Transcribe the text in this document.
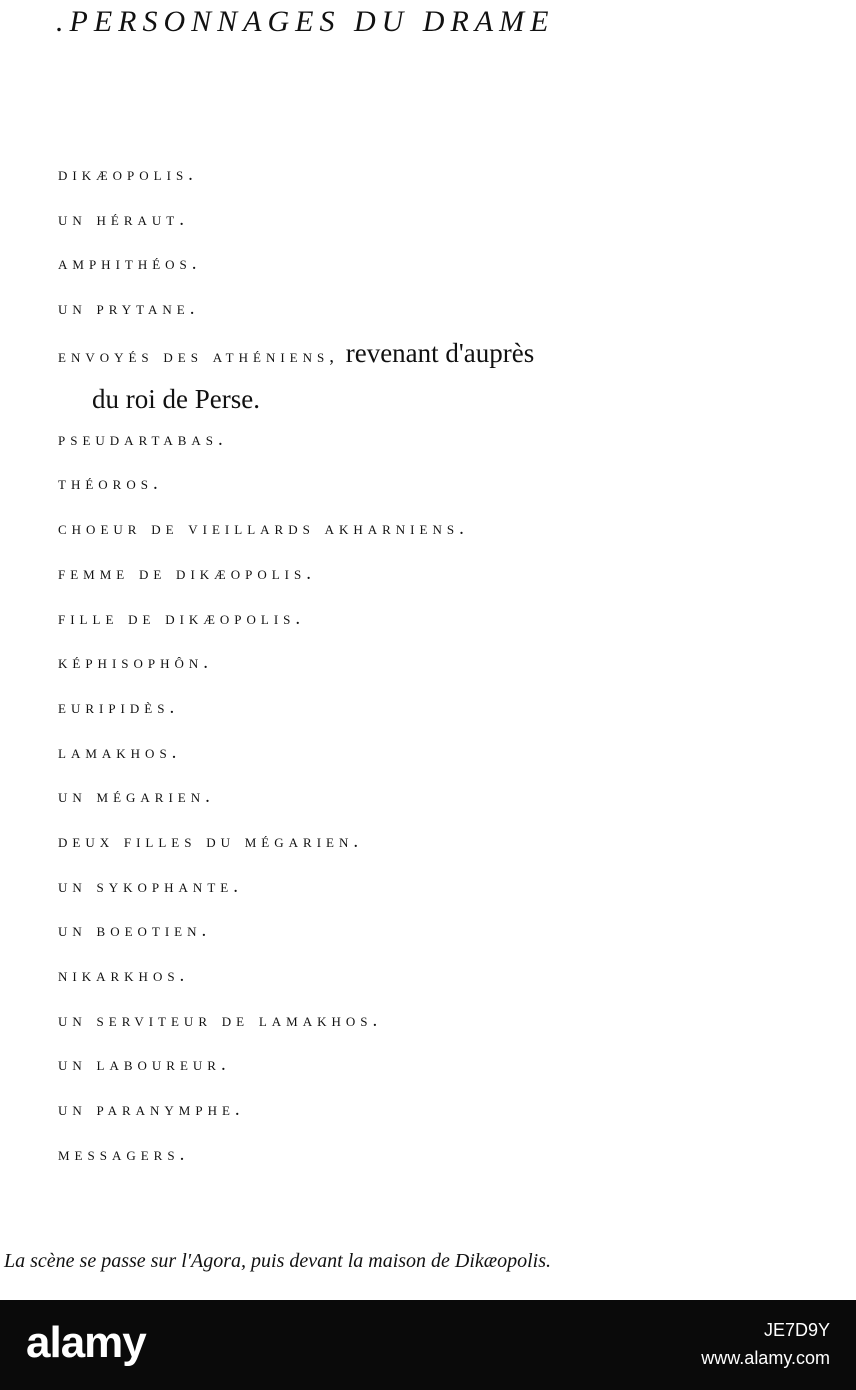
.PERSONNAGES DU DRAME
dikæopolis.
un héraut.
amphithéos.
un prytane.
envoyés des athéniens, revenant d'auprès
du roi de Perse.
pseudartabas.
théoros.
choeur de vieillards akharniens.
femme de dikæopolis.
fille de dikæopolis.
képhisophôn.
euripidès.
lamakhos.
un mégarien.
deux filles du mégarien.
un sykophante.
un boeotien.
nikarkhos.
un serviteur de lamakhos.
un laboureur.
un paranymphe.
messagers.

La scène se passe sur l'Agora, puis devant la maison de Dikæopolis.

alamy	JE7D9Y
www.alamy.com
